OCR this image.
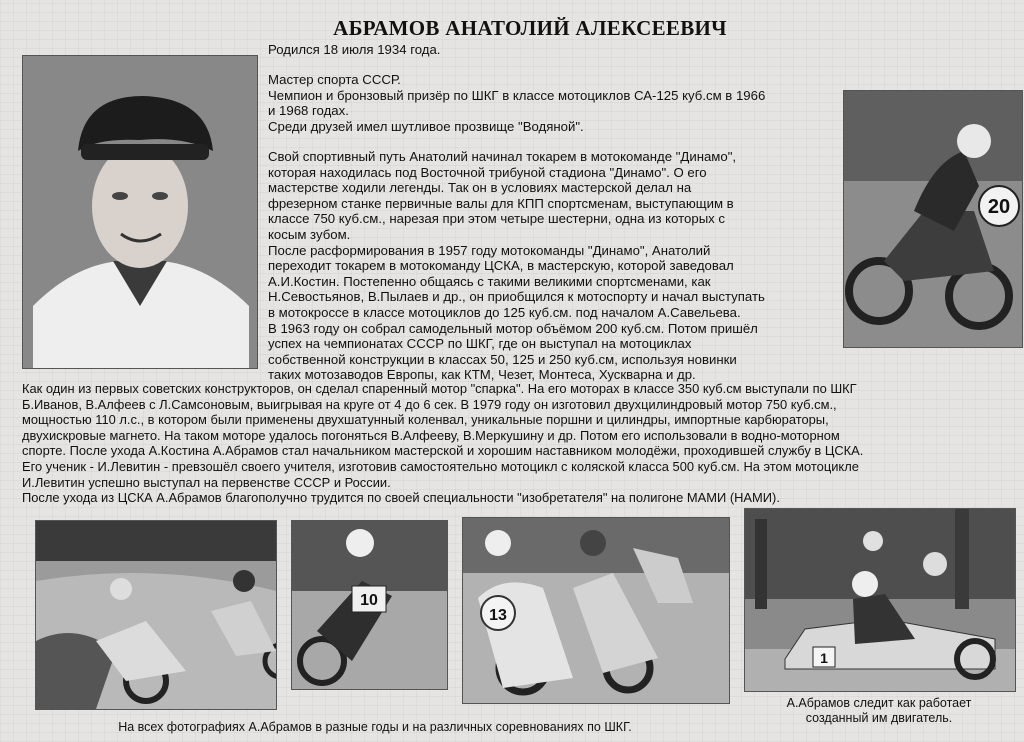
АБРАМОВ АНАТОЛИЙ АЛЕКСЕЕВИЧ
Родился 18 июля 1934 года.

Мастер спорта СССР.

Чемпион и бронзовый призёр по ШКГ в классе мотоциклов СА-125 куб.см в 1966

и 1968 годах.

Среди друзей имел шутливое прозвище "Водяной".

Свой спортивный путь Анатолий начинал токарем в мотокоманде "Динамо",

которая находилась под Восточной трибуной стадиона "Динамо". О его

мастерстве ходили легенды. Так он в условиях мастерской делал на

фрезерном станке первичные валы для КПП спортсменам, выступающим в

классе 750 куб.см., нарезая при этом четыре шестерни, одна из которых с

косым зубом.

После расформирования в 1957 году мотокоманды "Динамо", Анатолий

переходит токарем в мотокоманду ЦСКА, в мастерскую, которой заведовал

А.И.Костин. Постепенно общаясь с такими великими спортсменами, как

Н.Севостьянов, В.Пылаев и др., он приобщился к мотоспорту и начал выступать

в мотокроссе в классе мотоциклов до 125 куб.см. под началом А.Савельева.

В 1963 году он собрал самодельный мотор объёмом 200 куб.см. Потом пришёл

успех на чемпионатах СССР по ШКГ, где он выступал на мотоциклах

собственной конструкции в классах 50, 125 и 250 куб.см, используя новинки

таких мотозаводов Европы, как КТМ, Чезет, Монтеса, Хускварна и др.

20

Как один из первых советских конструкторов, он сделал спаренный мотор "спарка". На его моторах в классе 350 куб.см выступали по ШКГ

Б.Иванов, В.Алфеев с Л.Самсоновым, выигрывая на круге от 4 до 6 сек. В 1979 году он изготовил двухцилиндровый мотор 750 куб.см.,

мощностью 110 л.с., в котором были применены двухшатунный коленвал, уникальные поршни и цилиндры, импортные карбюраторы,

двухискровые магнето. На таком моторе удалось погоняться В.Алфееву, В.Меркушину и др. Потом его использовали в водно-моторном

спорте. После ухода А.Костина А.Абрамов стал начальником мастерской и хорошим наставником молодёжи, проходившей службу в ЦСКА.

Его ученик - И.Левитин - превзошёл своего учителя, изготовив самостоятельно мотоцикл с коляской класса 500 куб.см. На этом мотоцикле

И.Левитин успешно выступал на первенстве СССР и России.

После ухода из ЦСКА А.Абрамов благополучно трудится по своей специальности "изобретателя" на полигоне МАМИ (НАМИ).

10
13
1
На всех фотографиях А.Абрамов в разные годы и на различных соревнованиях по ШКГ.
А.Абрамов следит как работает
созданный им двигатель.
